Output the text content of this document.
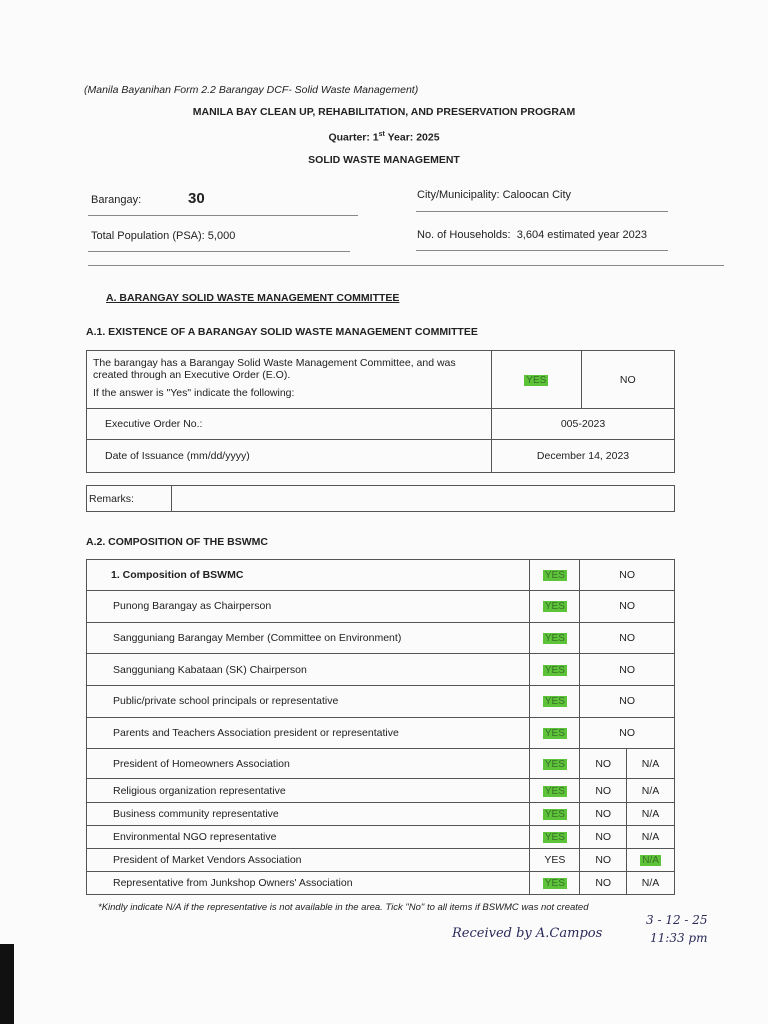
(Manila Bayanihan Form 2.2 Barangay DCF- Solid Waste Management)
MANILA BAY CLEAN UP, REHABILITATION, AND PRESERVATION PROGRAM
Quarter: 1st Year: 2025
SOLID WASTE MANAGEMENT
Barangay:	30	City/Municipality: Caloocan City
Total Population (PSA): 5,000	No. of Households: 3,604 estimated year 2023
A. BARANGAY SOLID WASTE MANAGEMENT COMMITTEE
A.1. EXISTENCE OF A BARANGAY SOLID WASTE MANAGEMENT COMMITTEE
The barangay has a Barangay Solid Waste Management Committee, and was created through an Executive Order (E.O).
If the answer is "Yes" indicate the following:	YES	NO
Executive Order No.:	005-2023	
Date of Issuance (mm/dd/yyyy)	December 14, 2023	
Remarks:	
A.2. COMPOSITION OF THE BSWMC
1. Composition of BSWMC	YES	NO	
Punong Barangay as Chairperson	YES	NO	
Sangguniang Barangay Member (Committee on Environment)	YES	NO	
Sangguniang Kabataan (SK) Chairperson	YES	NO	
Public/private school principals or representative	YES	NO	
Parents and Teachers Association president or representative	YES	NO	
President of Homeowners Association	YES	NO	N/A
Religious organization representative	YES	NO	N/A
Business community representative	YES	NO	N/A
Environmental NGO representative	YES	NO	N/A
President of Market Vendors Association	YES	NO	N/A
Representative from Junkshop Owners' Association	YES	NO	N/A
*Kindly indicate N/A if the representative is not available in the area. Tick "No" to all items if BSWMC was not created
Received by A.Campos
3 - 12 - 25
11:33 pm
